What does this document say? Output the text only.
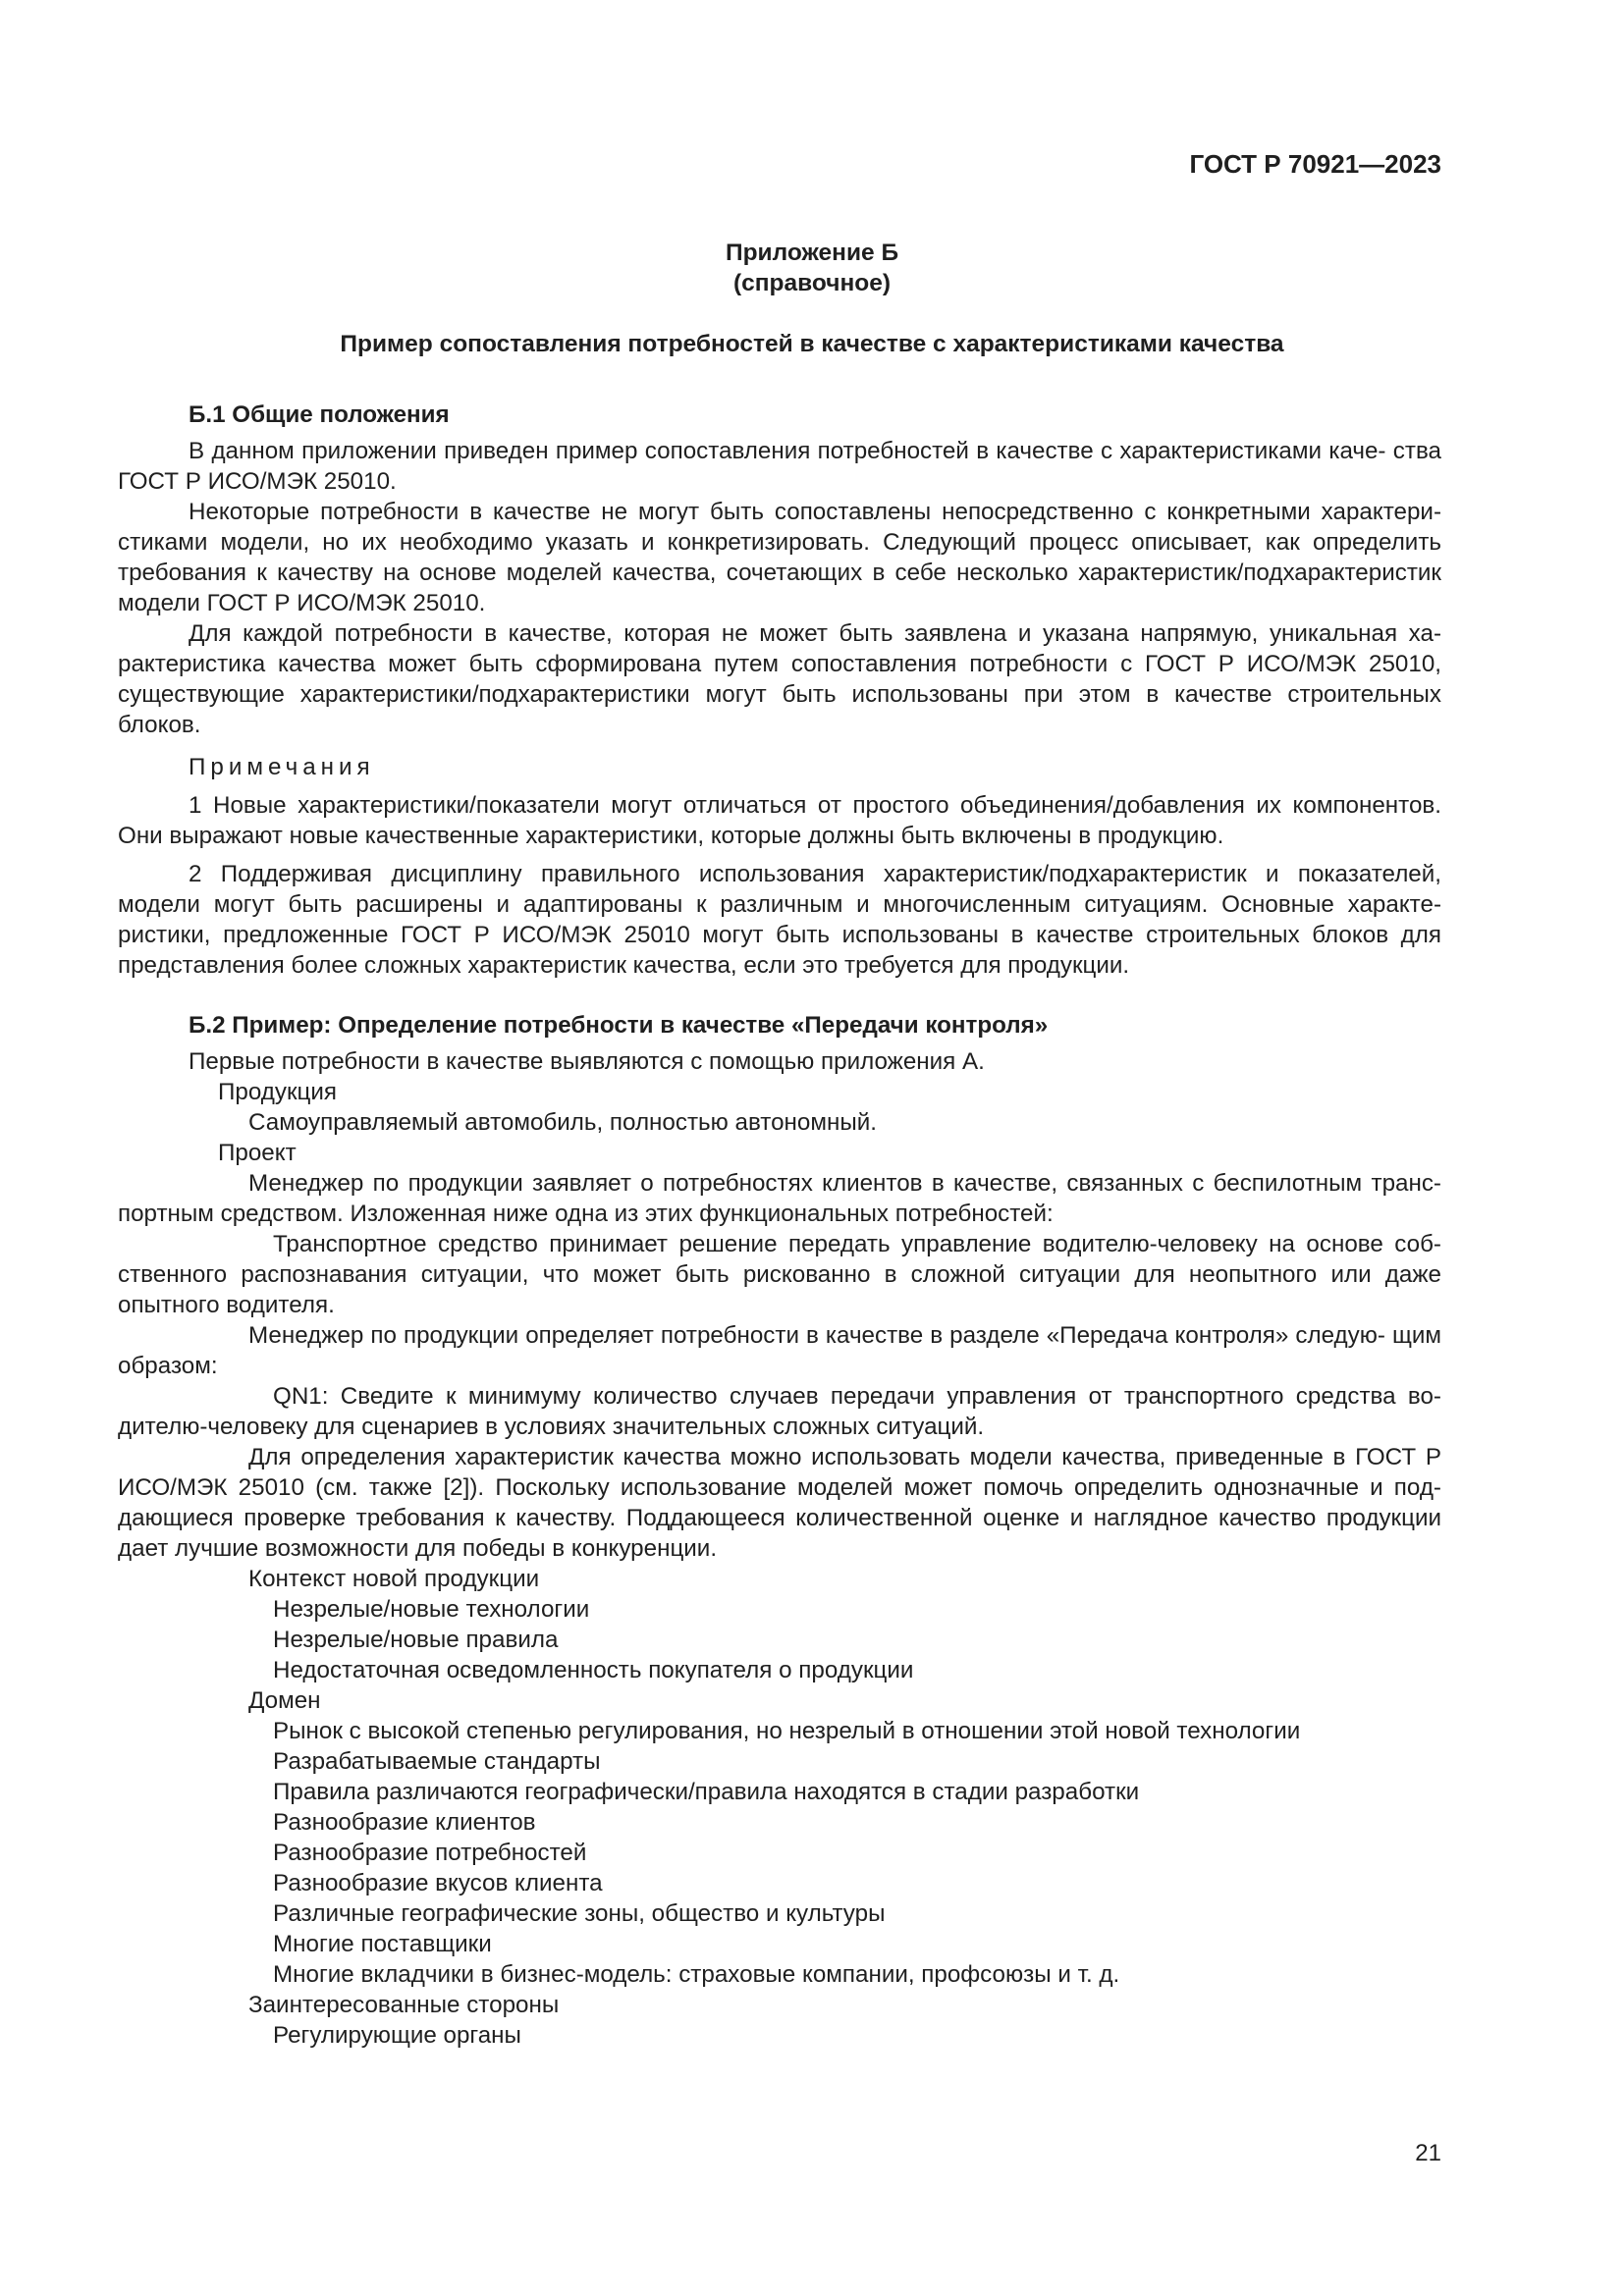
ГОСТ Р 70921—2023
Приложение Б
(справочное)
Пример сопоставления потребностей в качестве с характеристиками качества

Б.1 Общие положения

В данном приложении приведен пример сопоставления потребностей в качестве с характеристиками каче- ства ГОСТ Р ИСО/МЭК 25010.

Некоторые потребности в качестве не могут быть сопоставлены непосредственно с конкретными характери- стиками модели, но их необходимо указать и конкретизировать. Следующий процесс описывает, как определить требования к качеству на основе моделей качества, сочетающих в себе несколько характеристик/подхарактеристик модели ГОСТ Р ИСО/МЭК 25010.

Для каждой потребности в качестве, которая не может быть заявлена и указана напрямую, уникальная ха- рактеристика качества может быть сформирована путем сопоставления потребности с ГОСТ Р ИСО/МЭК 25010, существующие характеристики/подхарактеристики могут быть использованы при этом в качестве строительных блоков.

Примечания

1 Новые характеристики/показатели могут отличаться от простого объединения/добавления их компонентов. Они выражают новые качественные характеристики, которые должны быть включены в продукцию.

2 Поддерживая дисциплину правильного использования характеристик/подхарактеристик и показателей, модели могут быть расширены и адаптированы к различным и многочисленным ситуациям. Основные характе- ристики, предложенные ГОСТ Р ИСО/МЭК 25010 могут быть использованы в качестве строительных блоков для представления более сложных характеристик качества, если это требуется для продукции.

Б.2 Пример: Определение потребности в качестве «Передачи контроля»

Первые потребности в качестве выявляются с помощью приложения А.

Продукция

Самоуправляемый автомобиль, полностью автономный.

Проект

Менеджер по продукции заявляет о потребностях клиентов в качестве, связанных с беспилотным транс- портным средством. Изложенная ниже одна из этих функциональных потребностей:

Транспортное средство принимает решение передать управление водителю-человеку на основе соб- ственного распознавания ситуации, что может быть рискованно в сложной ситуации для неопытного или даже опытного водителя.

Менеджер по продукции определяет потребности в качестве в разделе «Передача контроля» следую- щим образом:

QN1: Сведите к минимуму количество случаев передачи управления от транспортного средства во- дителю-человеку для сценариев в условиях значительных сложных ситуаций.

Для определения характеристик качества можно использовать модели качества, приведенные в ГОСТ Р ИСО/МЭК 25010 (см. также [2]). Поскольку использование моделей может помочь определить однозначные и под- дающиеся проверке требования к качеству. Поддающееся количественной оценке и наглядное качество продукции дает лучшие возможности для победы в конкуренции.

Контекст новой продукции

Незрелые/новые технологии

Незрелые/новые правила

Недостаточная осведомленность покупателя о продукции

Домен

Рынок с высокой степенью регулирования, но незрелый в отношении этой новой технологии

Разрабатываемые стандарты

Правила различаются географически/правила находятся в стадии разработки

Разнообразие клиентов

Разнообразие потребностей

Разнообразие вкусов клиента

Различные географические зоны, общество и культуры

Многие поставщики

Многие вкладчики в бизнес-модель: страховые компании, профсоюзы и т. д.

Заинтересованные стороны

Регулирующие органы

21
